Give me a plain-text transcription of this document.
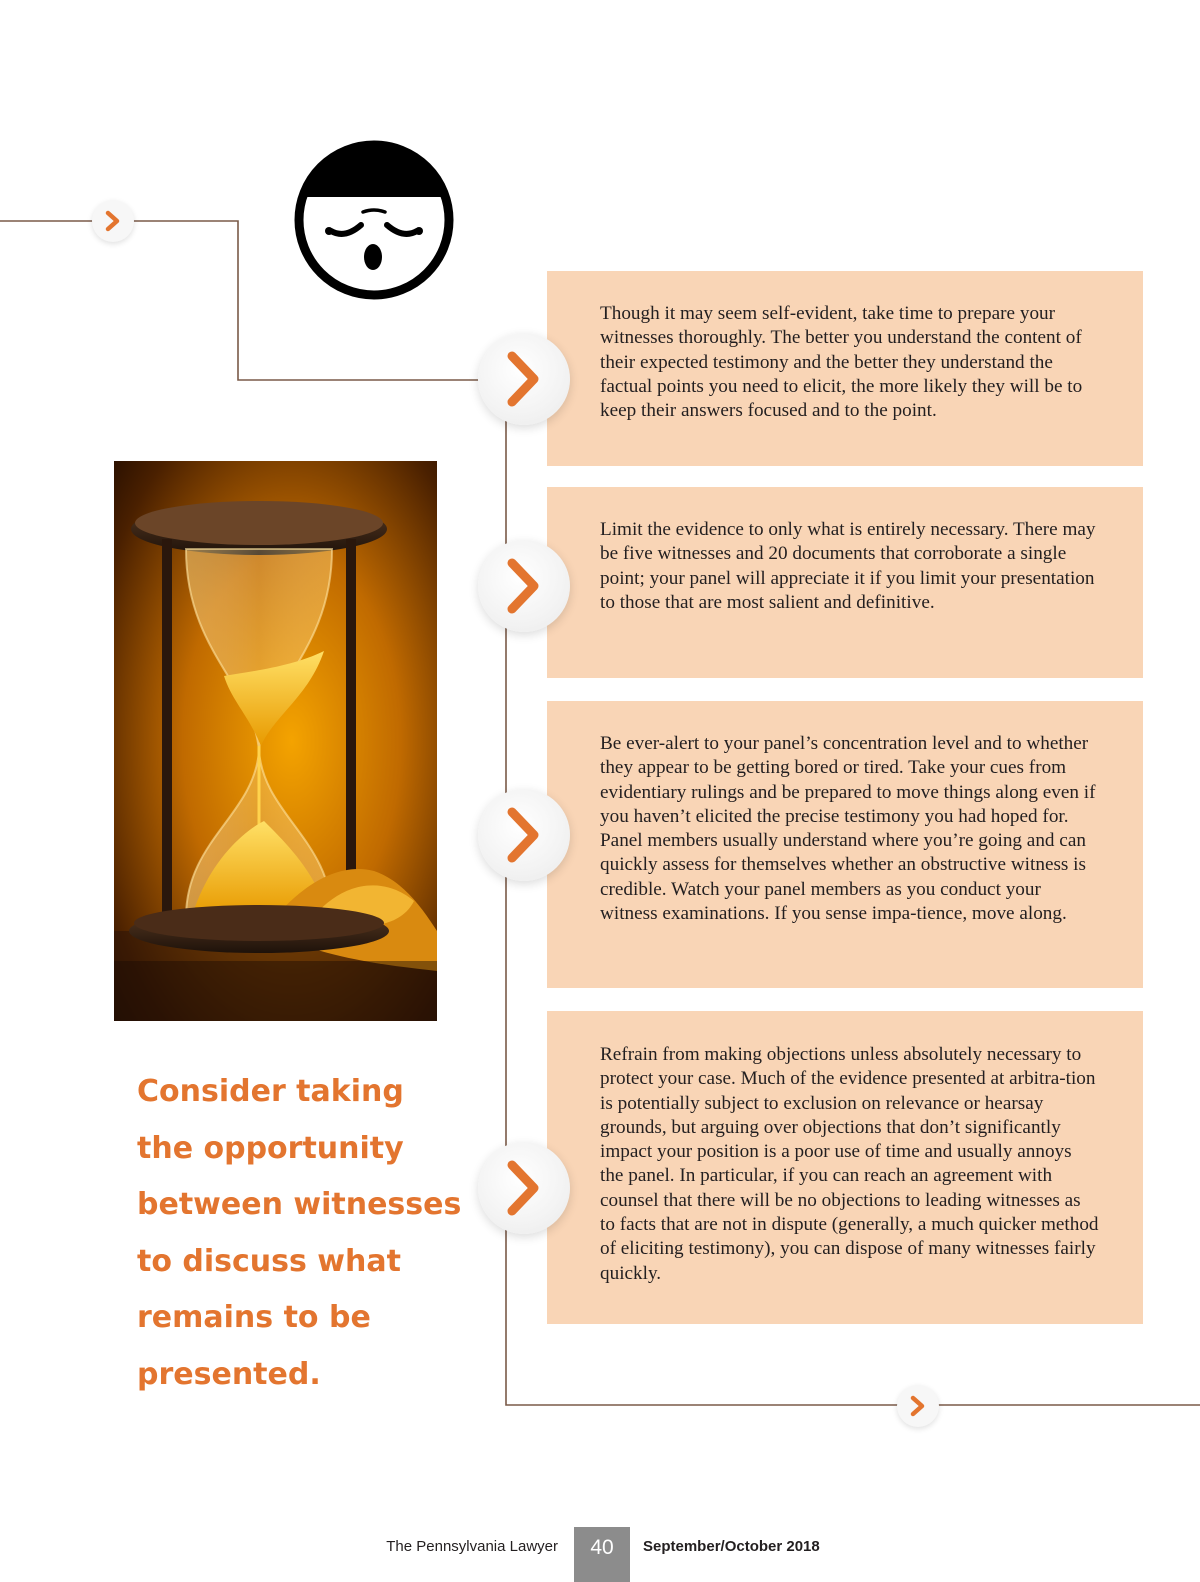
Though it may seem self-evident, take time to prepare your witnesses thoroughly. The better you understand the content of their expected testimony and the better they understand the factual points you need to elicit, the more likely they will be to keep their answers focused and to the point.

Limit the evidence to only what is entirely necessary. There may be five witnesses and 20 documents that corroborate a single point; your panel will appreciate it if you limit your presentation to those that are most salient and definitive.

Be ever-alert to your panel’s concentration level and to whether they appear to be getting bored or tired. Take your cues from evidentiary rulings and be prepared to move things along even if you haven’t elicited the precise testimony you had hoped for. Panel members usually understand where you’re going and can quickly assess for themselves whether an obstructive witness is credible. Watch your panel members as you conduct your witness examinations. If you sense impa-tience, move along.

Refrain from making objections unless absolutely necessary to protect your case. Much of the evidence presented at arbitra-tion is potentially subject to exclusion on relevance or hearsay grounds, but arguing over objections that don’t significantly impact your position is a poor use of time and usually annoys the panel. In particular, if you can reach an agreement with counsel that there will be no objections to leading witnesses as to facts that are not in dispute (generally, a much quicker method of eliciting testimony), you can dispose of many witnesses fairly quickly.

Consider taking the opportunity between witnesses to discuss what remains to be presented.

The Pennsylvania Lawyer	40	September/October 2018
